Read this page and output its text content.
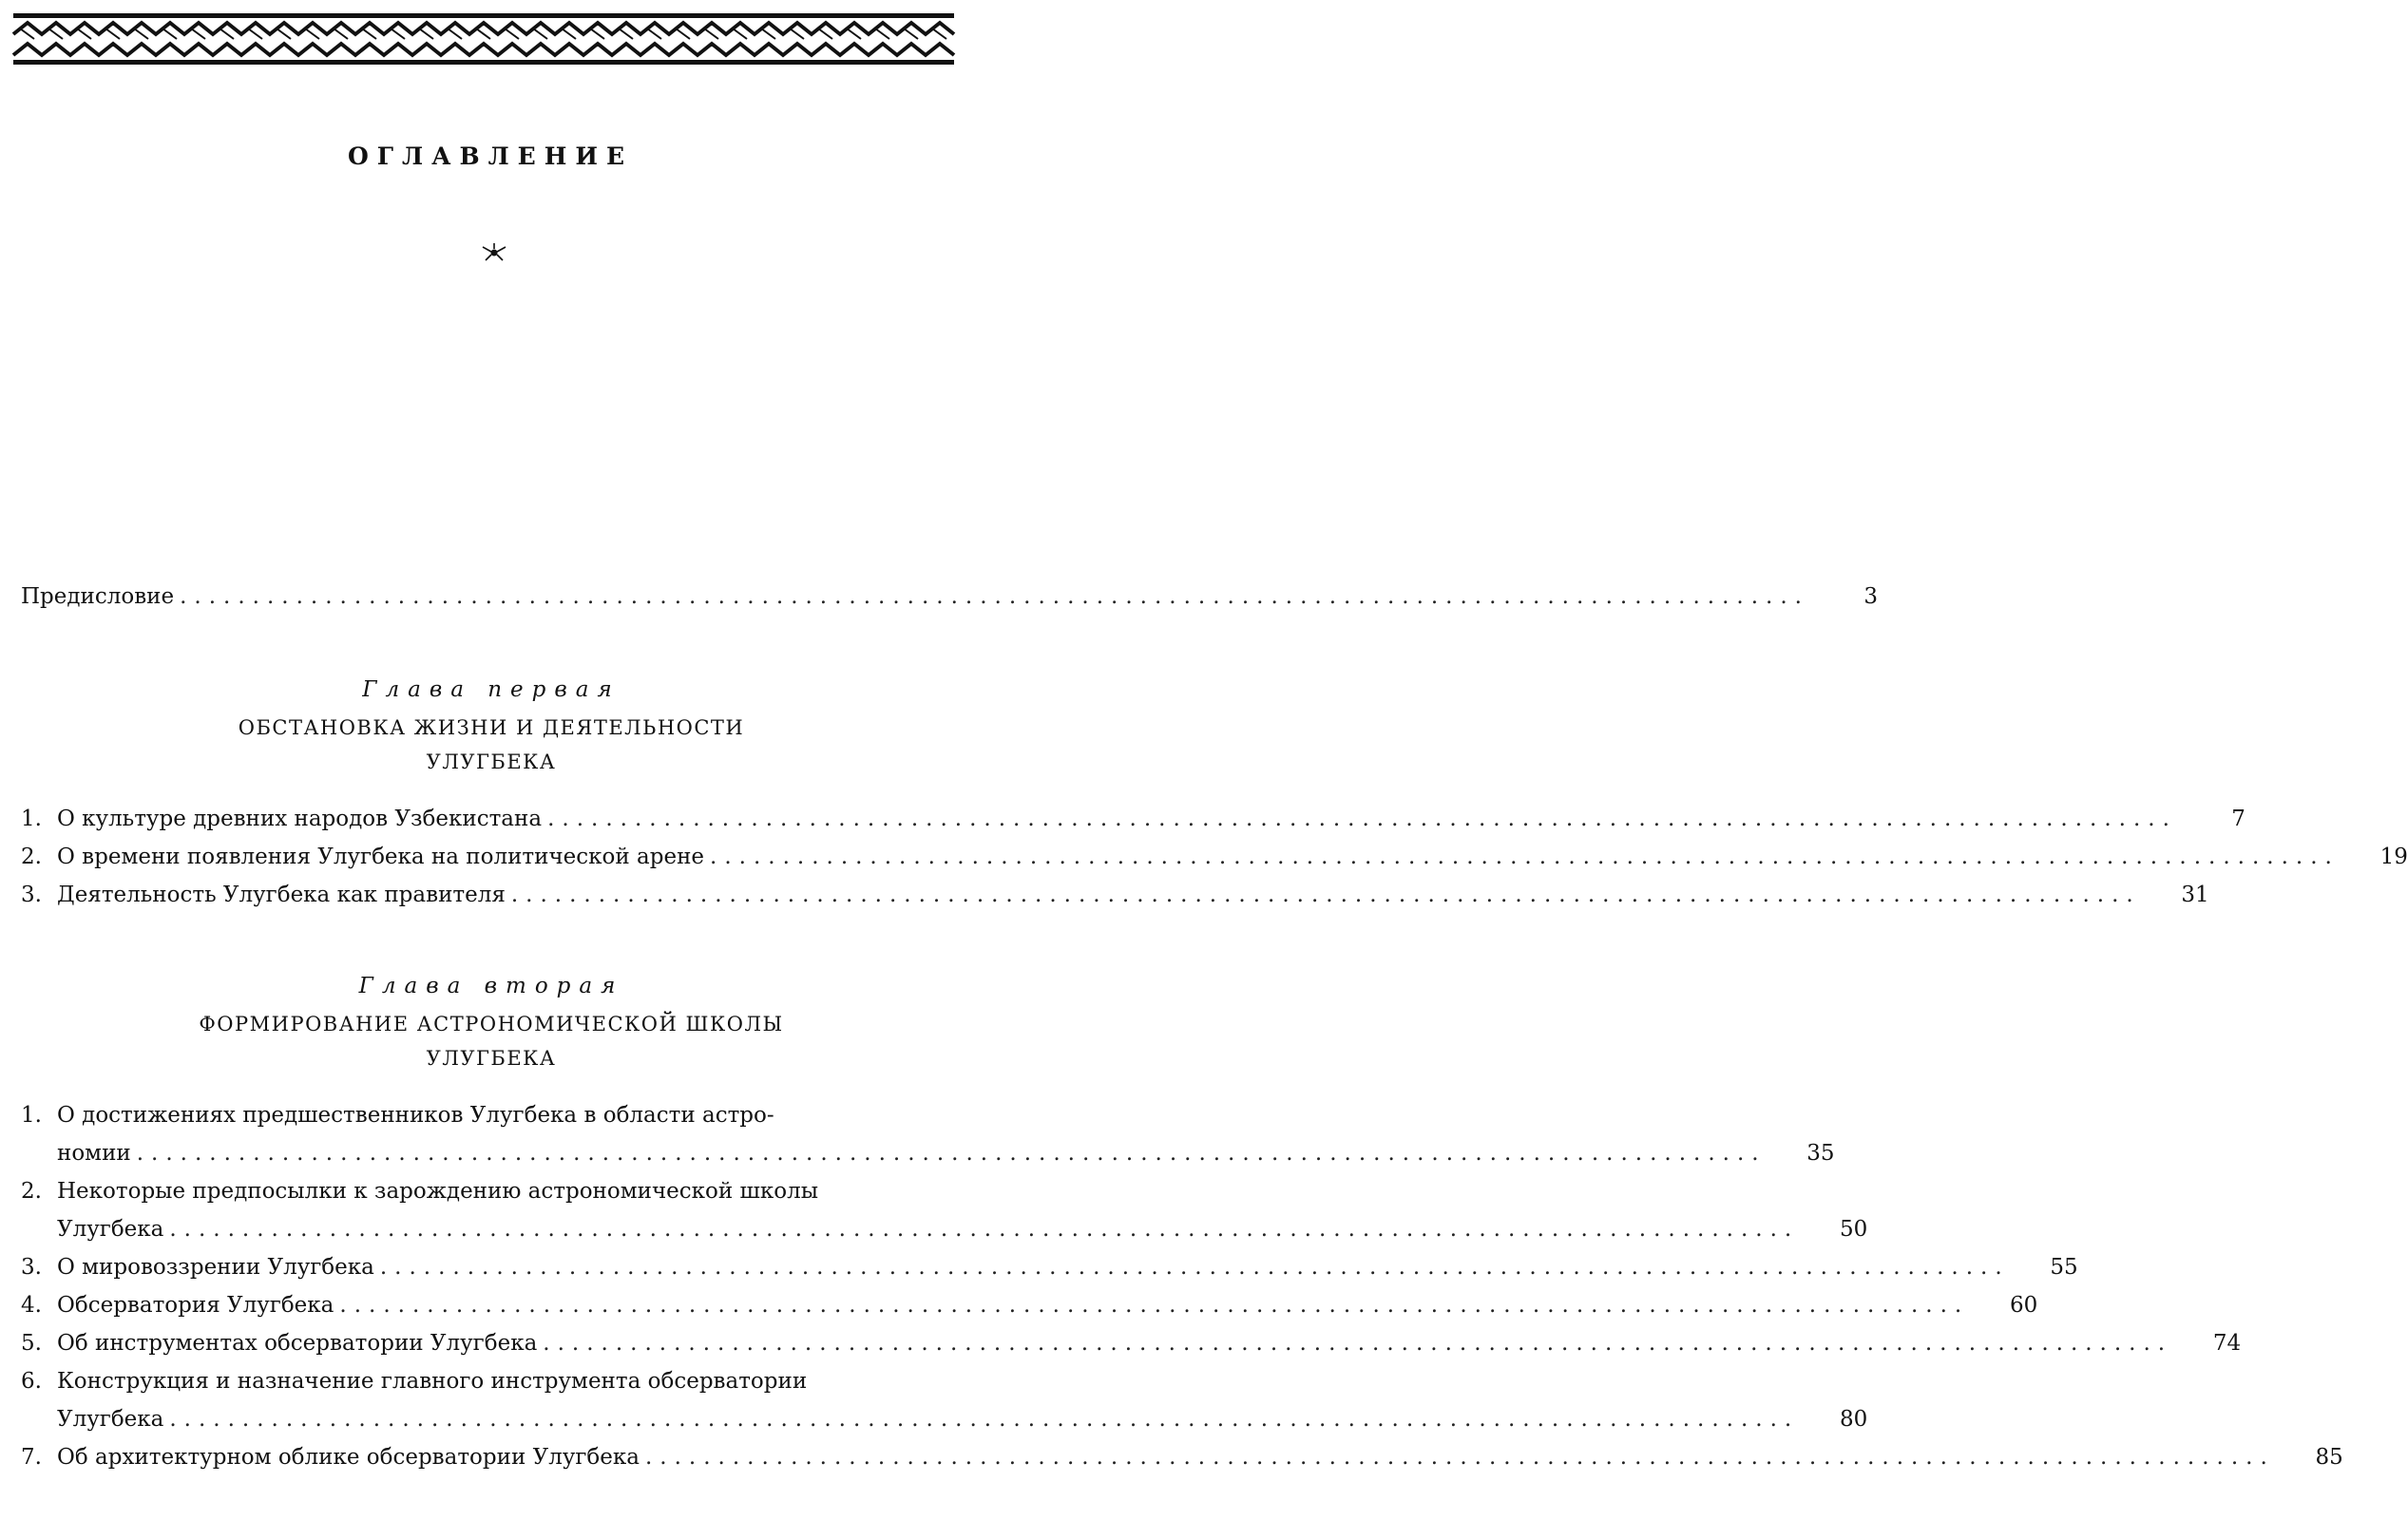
ОГЛАВЛЕНИЕ
Предисловие ................................................................................................................	3
Глава первая
ОБСТАНОВКА ЖИЗНИ И ДЕЯТЕЛЬНОСТИ
УЛУГБЕКА
1. О культуре древних народов Узбекистана ................................................................................................................	7
2. О времени появления Улугбека на политической арене ................................................................................................................	19
3. Деятельность Улугбека как правителя ................................................................................................................	31
Глава вторая
ФОРМИРОВАНИЕ АСТРОНОМИЧЕСКОЙ ШКОЛЫ
УЛУГБЕКА
1. О достижениях предшественников Улугбека в области астро-
номии ................................................................................................................	35
2. Некоторые предпосылки к зарождению астрономической школы
Улугбека ................................................................................................................	50
3. О мировоззрении Улугбека ................................................................................................................	55
4. Обсерватория Улугбека ................................................................................................................	60
5. Об инструментах обсерватории Улугбека ................................................................................................................	74
6. Конструкция и назначение главного инструмента обсерватории
Улугбека ................................................................................................................	80
7. Об архитектурном облике обсерватории Улугбека ................................................................................................................	85
